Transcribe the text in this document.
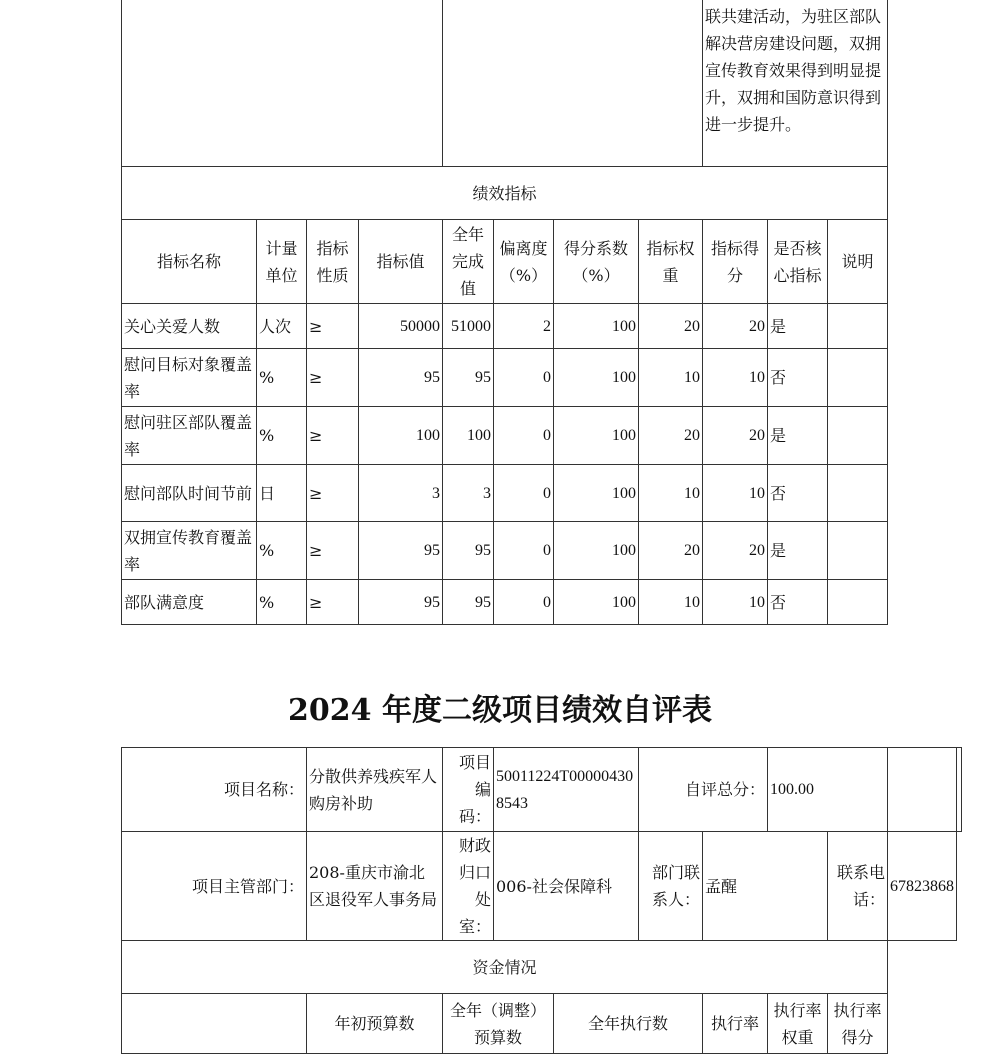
								联共建活动，为驻区部队解决营房建设问题，双拥宣传教育效果得到明显提升，双拥和国防意识得到进一步提升。		
绩效指标										
指标名称	计量单位	指标性质	指标值	全年完成值	偏离度（%）	得分系数（%）	指标权重	指标得分	是否核心指标	说明
关心关爱人数	人次	≥	50000	51000	2	100	20	20	是	
慰问目标对象覆盖率	%	≥	95	95	0	100	10	10	否	
慰问驻区部队覆盖率	%	≥	100	100	0	100	20	20	是	
慰问部队时间节前	日	≥	3	3	0	100	10	10	否	
双拥宣传教育覆盖率	%	≥	95	95	0	100	20	20	是	
部队满意度	%	≥	95	95	0	100	10	10	否	
2024 年度二级项目绩效自评表
项目名称：	分散供养残疾军人购房补助	项目编码：	50011224T000004308543		自评总分：		100.00			
项目主管部门：	208-重庆市渝北区退役军人事务局	财政归口处室：	006-社会保障科		部门联系人：	孟醒		联系电话：	67823868	
资金情况										
	年初预算数	全年（调整）预算数		全年执行数		执行率	执行率权重	执行率得分		
